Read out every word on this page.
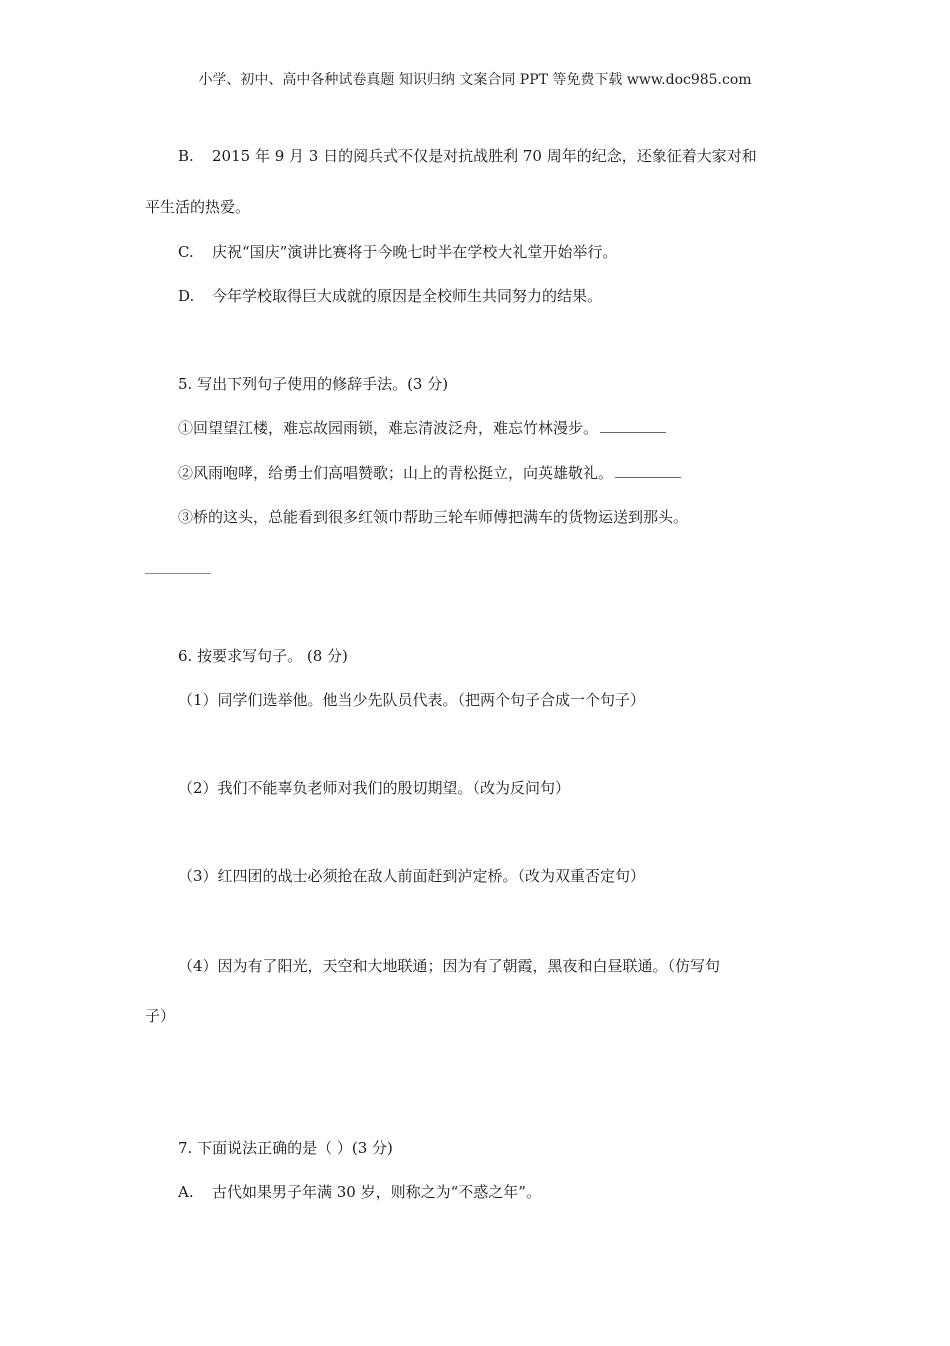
小学、初中、高中各种试卷真题 知识归纳 文案合同 PPT 等免费下载 www.doc985.com
B. 2015 年 9 月 3 日的阅兵式不仅是对抗战胜利 70 周年的纪念，还象征着大家对和
平生活的热爱。
C. 庆祝“国庆”演讲比赛将于今晚七时半在学校大礼堂开始举行。
D. 今年学校取得巨大成就的原因是全校师生共同努力的结果。
5. 写出下列句子使用的修辞手法。(3 分)
①回望望江楼，难忘故园雨锁，难忘清波泛舟，难忘竹林漫步。
②风雨咆哮，给勇士们高唱赞歌；山上的青松挺立，向英雄敬礼。
③桥的这头，总能看到很多红领巾帮助三轮车师傅把满车的货物运送到那头。
6. 按要求写句子。 (8 分)
（1）同学们选举他。他当少先队员代表。（把两个句子合成一个句子）
（2）我们不能辜负老师对我们的殷切期望。（改为反问句）
（3）红四团的战士必须抢在敌人前面赶到泸定桥。（改为双重否定句）
（4）因为有了阳光，天空和大地联通；因为有了朝霞，黑夜和白昼联通。（仿写句
子）
7. 下面说法正确的是（ ）(3 分)
A. 古代如果男子年满 30 岁，则称之为“不惑之年”。
